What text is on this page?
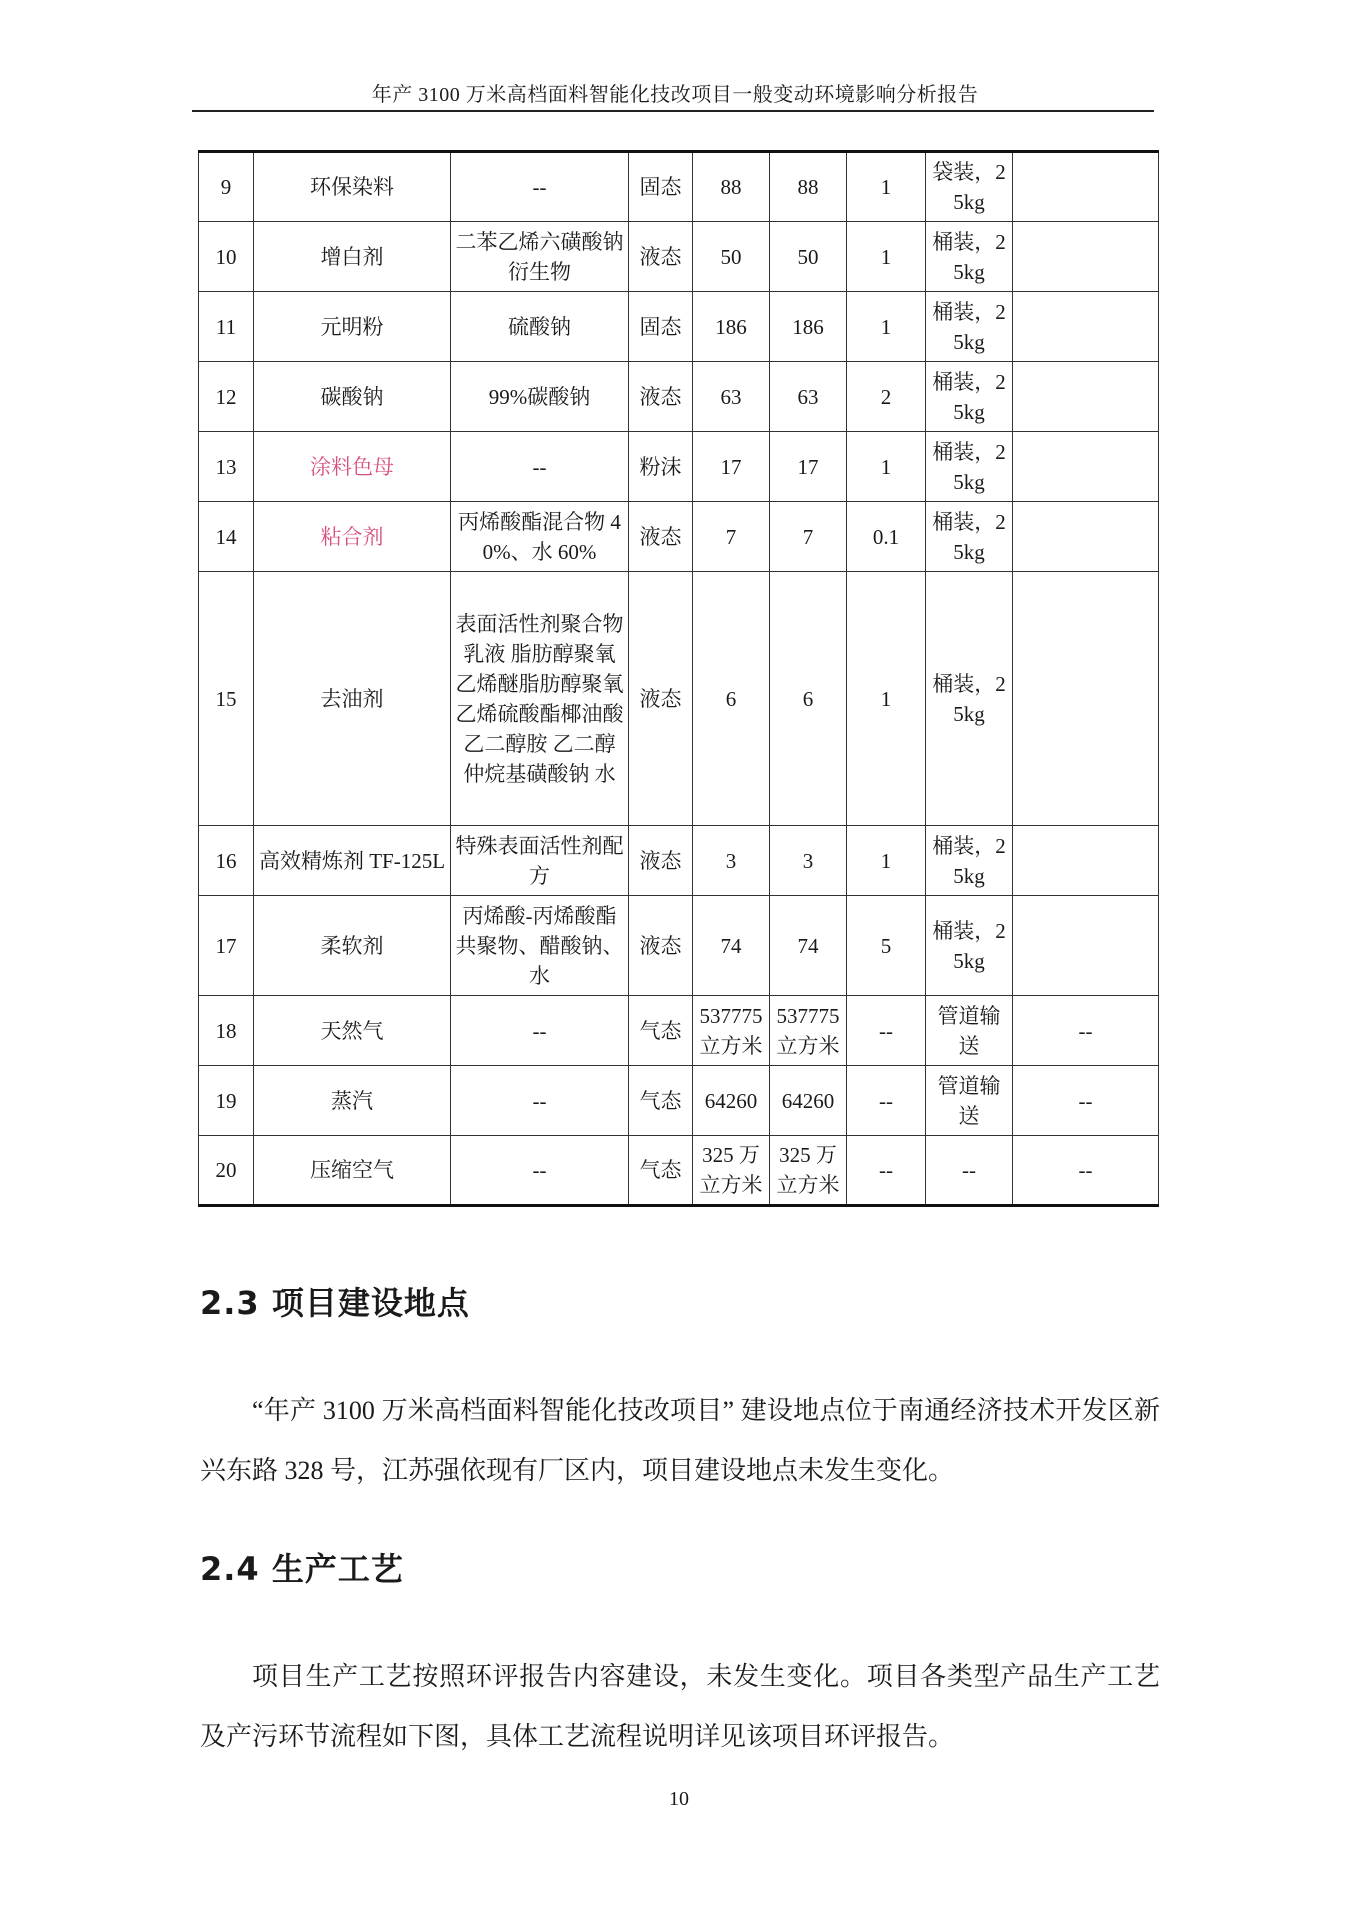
年产 3100 万米高档面料智能化技改项目一般变动环境影响分析报告
9	环保染料	--	固态	88	88	1	袋装，25kg	
10	增白剂	二苯乙烯六磺酸钠衍生物	液态	50	50	1	桶装，25kg	
11	元明粉	硫酸钠	固态	186	186	1	桶装，25kg	
12	碳酸钠	99%碳酸钠	液态	63	63	2	桶装，25kg	
13	涂料色母	--	粉沫	17	17	1	桶装，25kg	
14	粘合剂	丙烯酸酯混合物 40%、水 60%	液态	7	7	0.1	桶装，25kg	
15	去油剂	表面活性剂聚合物乳液 脂肪醇聚氧乙烯醚脂肪醇聚氧乙烯硫酸酯椰油酸乙二醇胺 乙二醇仲烷基磺酸钠 水	液态	6	6	1	桶装，25kg	
16	高效精炼剂 TF-125L	特殊表面活性剂配方	液态	3	3	1	桶装，25kg	
17	柔软剂	丙烯酸-丙烯酸酯共聚物、醋酸钠、水	液态	74	74	5	桶装，25kg	
18	天然气	--	气态	537775立方米	537775立方米	--	管道输送	--
19	蒸汽	--	气态	64260	64260	--	管道输送	--
20	压缩空气	--	气态	325 万立方米	325 万立方米	--	--	--
2.3 项目建设地点
“年产 3100 万米高档面料智能化技改项目” 建设地点位于南通经济技术开发区新兴东路 328 号，江苏强依现有厂区内，项目建设地点未发生变化。
2.4 生产工艺
项目生产工艺按照环评报告内容建设，未发生变化。项目各类型产品生产工艺及产污环节流程如下图，具体工艺流程说明详见该项目环评报告。
10
